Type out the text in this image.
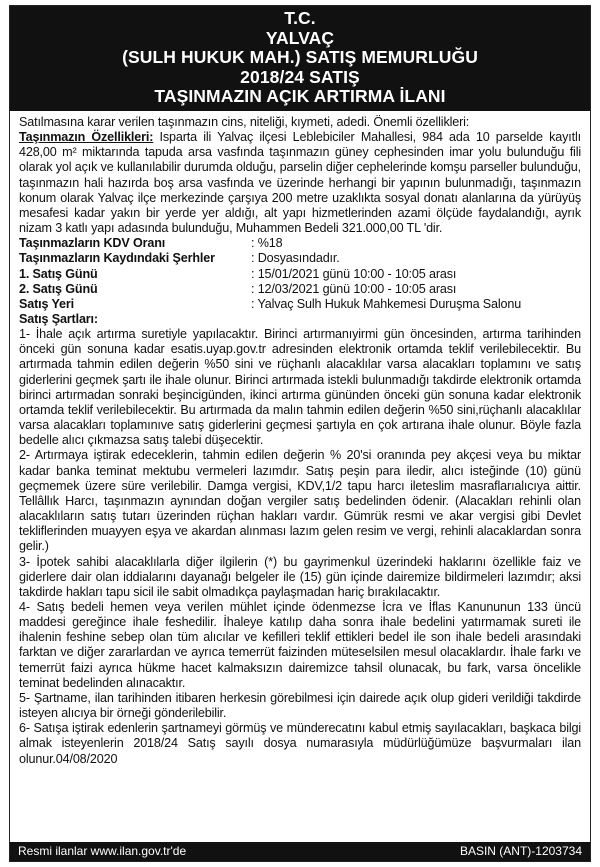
T.C.
YALVAÇ
(SULH HUKUK MAH.) SATIŞ MEMURLUĞU
2018/24 SATIŞ
TAŞINMAZIN AÇIK ARTIRMA İLANI

Satılmasına karar verilen taşınmazın cins, niteliği, kıymeti, adedi. Önemli özellikleri:

Taşınmazın Özellikleri: Isparta ili Yalvaç ilçesi Leblebiciler Mahallesi, 984 ada 10 parselde kayıtlı 428,00 m² miktarında tapuda arsa vasfında taşınmazın güney cephesinden imar yolu bulunduğu fili olarak yol açık ve kullanılabilir durumda olduğu, parselin diğer cephelerinde komşu parseller bulunduğu, taşınmazın hali hazırda boş arsa vasfında ve üzerinde herhangi bir yapının bulunmadığı, taşınmazın konum olarak Yalvaç ilçe merkezinde çarşıya 200 metre uzaklıkta sosyal donatı alanlarına da yürüyüş mesafesi kadar yakın bir yerde yer aldığı, alt yapı hizmetlerinden azami ölçüde faydalandığı, ayrık nizam 3 katlı yapı adasında bulunduğu, Muhammen Bedeli 321.000,00 TL 'dir.

Taşınmazların KDV Oranı	: %18
Taşınmazların Kaydındaki Şerhler	: Dosyasındadır.
1. Satış Günü	: 15/01/2021 günü 10:00 - 10:05 arası
2. Satış Günü	: 12/03/2021 günü 10:00 - 10:05 arası
Satış Yeri	: Yalvaç Sulh Hukuk Mahkemesi Duruşma Salonu

Satış Şartları:

1- İhale açık artırma suretiyle yapılacaktır. Birinci artırmanıyirmi gün öncesinden, artırma tarihinden önceki gün sonuna kadar esatis.uyap.gov.tr adresinden elektronik ortamda teklif verilebilecektir. Bu artırmada tahmin edilen değerin %50 sini ve rüçhanlı alacaklılar varsa alacakları toplamını ve satış giderlerini geçmek şartı ile ihale olunur. Birinci artırmada istekli bulunmadığı takdirde elektronik ortamda birinci artırmadan sonraki beşincigünden, ikinci artırma gününden önceki gün sonuna kadar elektronik ortamda teklif verilebilecektir. Bu artırmada da malın tahmin edilen değerin %50 sini,rüçhanlı alacaklılar varsa alacakları toplamınıve satış giderlerini geçmesi şartıyla en çok artırana ihale olunur. Böyle fazla bedelle alıcı çıkmazsa satış talebi düşecektir.

2- Artırmaya iştirak edeceklerin, tahmin edilen değerin % 20'si oranında pey akçesi veya bu miktar kadar banka teminat mektubu vermeleri lazımdır. Satış peşin para iledir, alıcı isteğinde (10) günü geçmemek üzere süre verilebilir. Damga vergisi, KDV,1/2 tapu harcı ileteslim masraflarıalıcıya aittir. Tellâllık Harcı, taşınmazın aynından doğan vergiler satış bedelinden ödenir. (Alacakları rehinli olan alacaklıların satış tutarı üzerinden rüçhan hakları vardır. Gümrük resmi ve akar vergisi gibi Devlet tekliflerinden muayyen eşya ve akardan alınması lazım gelen resim ve vergi, rehinli alacaklardan sonra gelir.)

3- İpotek sahibi alacaklılarla diğer ilgilerin (*) bu gayrimenkul üzerindeki haklarını özellikle faiz ve giderlere dair olan iddialarını dayanağı belgeler ile (15) gün içinde dairemize bildirmeleri lazımdır; aksi takdirde hakları tapu sicil ile sabit olmadıkça paylaşmadan hariç bırakılacaktır.

4- Satış bedeli hemen veya verilen mühlet içinde ödenmezse İcra ve İflas Kanununun 133 üncü maddesi gereğince ihale feshedilir. İhaleye katılıp daha sonra ihale bedelini yatırmamak sureti ile ihalenin feshine sebep olan tüm alıcılar ve kefilleri teklif ettikleri bedel ile son ihale bedeli arasındaki farktan ve diğer zararlardan ve ayrıca temerrüt faizinden müteselsilen mesul olacaklardır. İhale farkı ve temerrüt faizi ayrıca hükme hacet kalmaksızın dairemizce tahsil olunacak, bu fark, varsa öncelikle teminat bedelinden alınacaktır.

5- Şartname, ilan tarihinden itibaren herkesin görebilmesi için dairede açık olup gideri verildiği takdirde isteyen alıcıya bir örneği gönderilebilir.

6- Satışa iştirak edenlerin şartnameyi görmüş ve münderecatını kabul etmiş sayılacakları, başkaca bilgi almak isteyenlerin 2018/24 Satış sayılı dosya numarasıyla müdürlüğümüze başvurmaları ilan olunur.04/08/2020

Resmi ilanlar www.ilan.gov.tr'de	BASIN (ANT)-1203734
